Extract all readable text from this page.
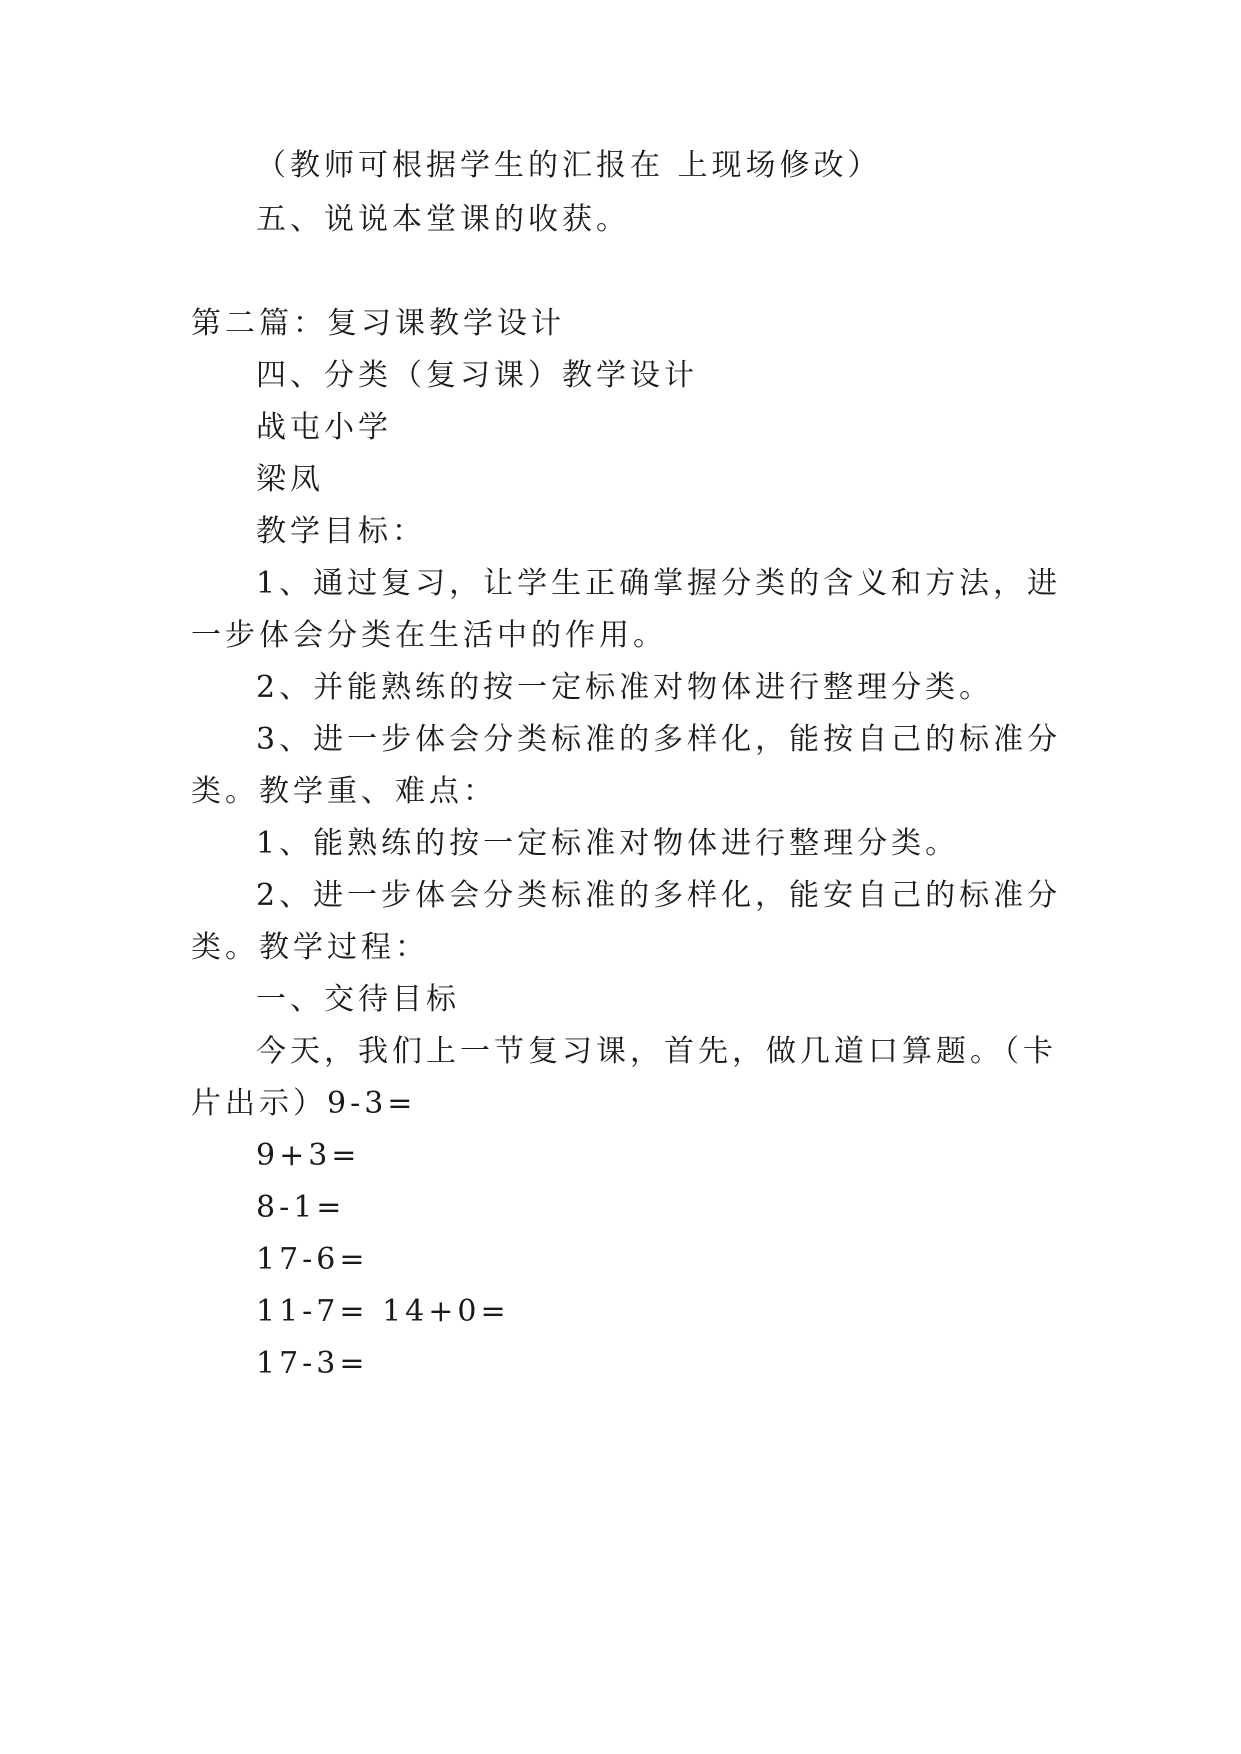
（教师可根据学生的汇报在 上现场修改）

五、说说本堂课的收获。

第二篇：复习课教学设计

四、分类（复习课）教学设计

战屯小学

梁凤

教学目标：

1、通过复习，让学生正确掌握分类的含义和方法，进

一步体会分类在生活中的作用。

2、并能熟练的按一定标准对物体进行整理分类。

3、进一步体会分类标准的多样化，能按自己的标准分

类。教学重、难点：

1、能熟练的按一定标准对物体进行整理分类。

2、进一步体会分类标准的多样化，能安自己的标准分

类。教学过程：

一、交待目标

今天，我们上一节复习课，首先，做几道口算题。（卡

片出示）9-3=

9+3=

8-1=

17-6=

11-7= 14+0=

17-3=
